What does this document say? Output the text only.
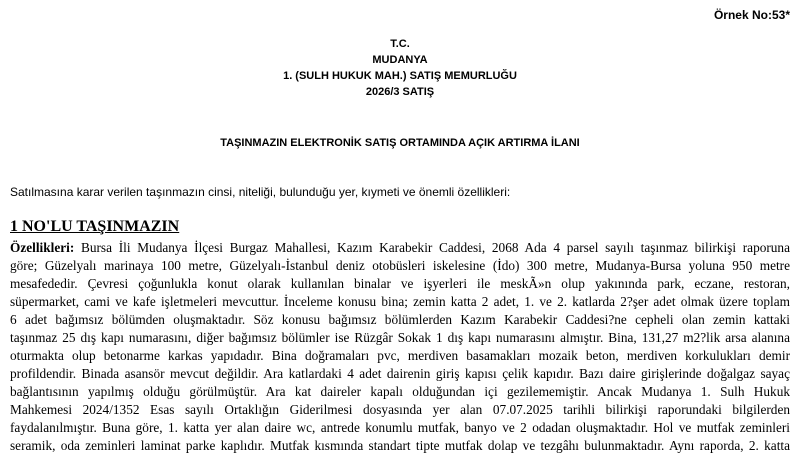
Örnek No:53*
T.C.
MUDANYA
1. (SULH HUKUK MAH.) SATIŞ MEMURLUĞU
2026/3 SATIŞ
TAŞINMAZIN ELEKTRONİK SATIŞ ORTAMINDA AÇIK ARTIRMA İLANI
Satılmasına karar verilen taşınmazın cinsi, niteliği, bulunduğu yer, kıymeti ve önemli özellikleri:
1 NO'LU TAŞINMAZIN
Özellikleri: Bursa İli Mudanya İlçesi Burgaz Mahallesi, Kazım Karabekir Caddesi, 2068 Ada 4 parsel sayılı taşınmaz bilirkişi raporuna
göre; Güzelyalı marinaya 100 metre, Güzelyalı-İstanbul deniz otobüsleri iskelesine (İdo) 300 metre, Mudanya-Bursa yoluna 950 metre
mesafededir. Çevresi çoğunlukla konut olarak kullanılan binalar ve işyerleri ile meskÃ»n olup yakınında park, eczane, restoran,
süpermarket, cami ve kafe işletmeleri mevcuttur. İnceleme konusu bina; zemin katta 2 adet, 1. ve 2. katlarda 2?şer adet olmak üzere toplam
6 adet bağımsız bölümden oluşmaktadır. Söz konusu bağımsız bölümlerden Kazım Karabekir Caddesi?ne cepheli olan zemin kattaki
taşınmaz 25 dış kapı numarasını, diğer bağımsız bölümler ise Rüzgâr Sokak 1 dış kapı numarasını almıştır. Bina, 131,27 m2?lik arsa alanına
oturmakta olup betonarme karkas yapıdadır. Bina doğramaları pvc, merdiven basamakları mozaik beton, merdiven korkulukları demir
profildendir. Binada asansör mevcut değildir. Ara katlardaki 4 adet dairenin giriş kapısı çelik kapıdır. Bazı daire girişlerinde doğalgaz sayaç
bağlantısının yapılmış olduğu görülmüştür. Ara kat daireler kapalı olduğundan içi gezilememiştir. Ancak Mudanya 1. Sulh Hukuk
Mahkemesi 2024/1352 Esas sayılı Ortaklığın Giderilmesi dosyasında yer alan 07.07.2025 tarihli bilirkişi raporundaki bilgilerden
faydalanılmıştır. Buna göre, 1. katta yer alan daire wc, antrede konumlu mutfak, banyo ve 2 odadan oluşmaktadır. Hol ve mutfak zeminleri
seramik, oda zeminleri laminat parke kaplıdır. Mutfak kısmında standart tipte mutfak dolap ve tezgâhı bulunmaktadır. Aynı raporda, 2. katta
